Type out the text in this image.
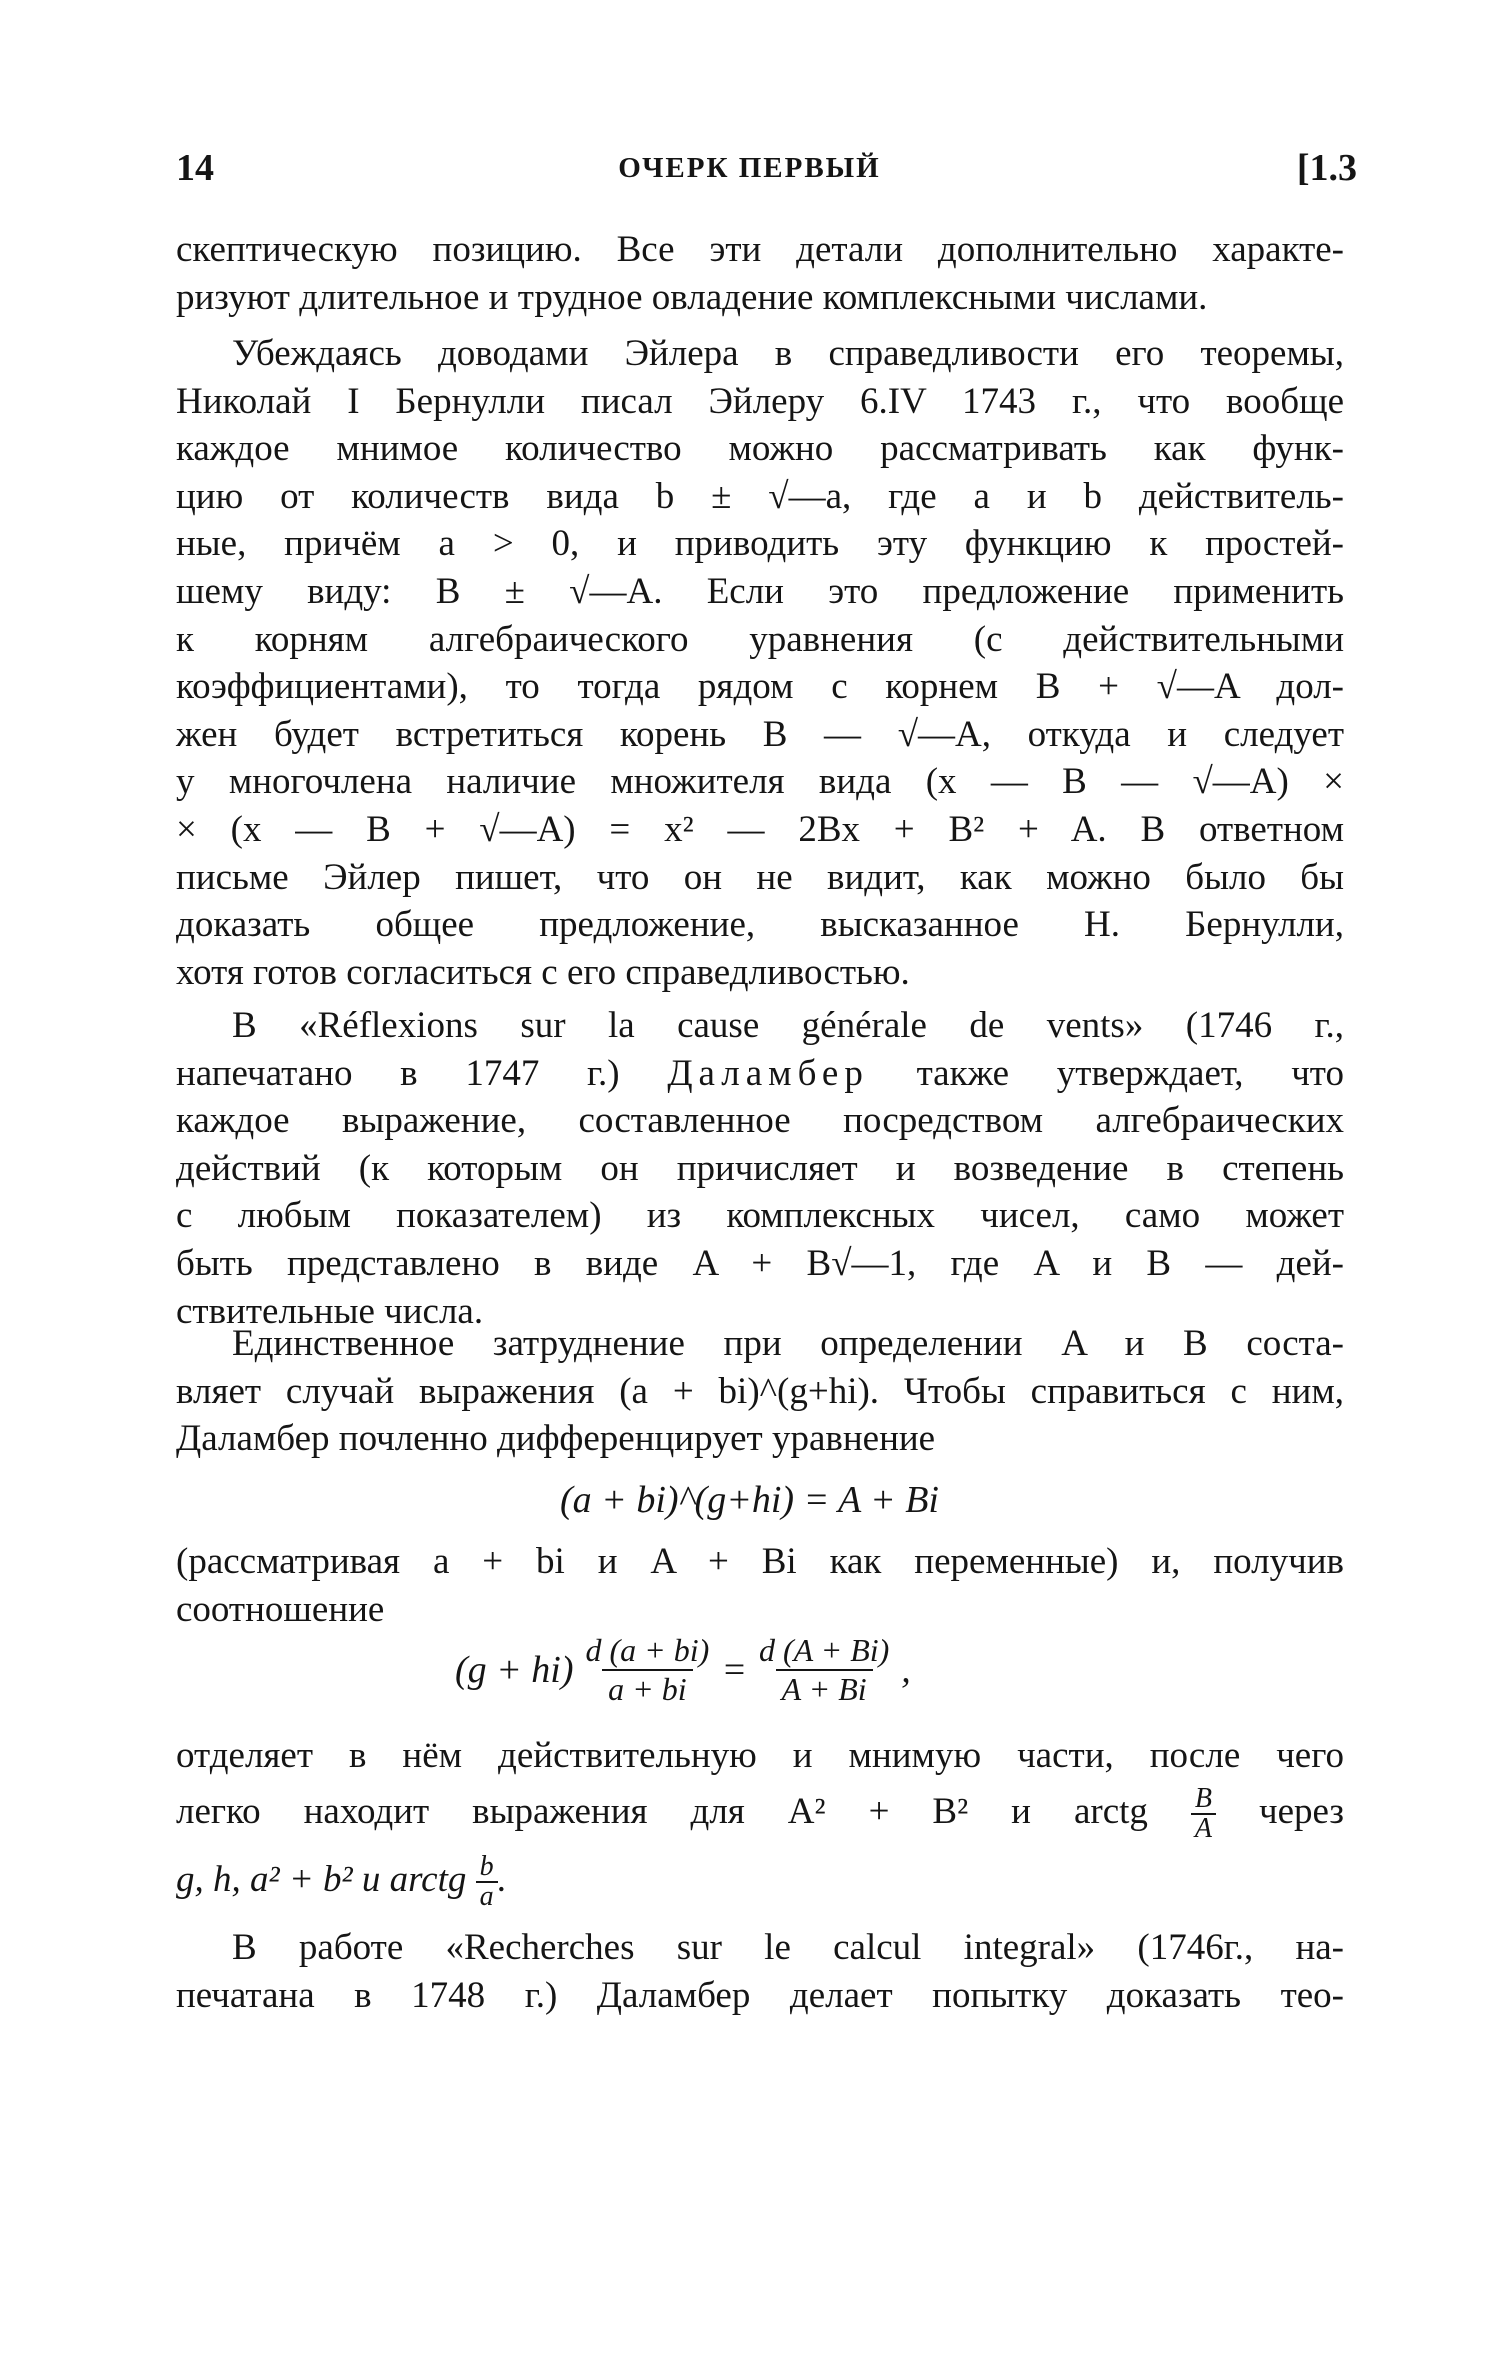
14	ОЧЕРК ПЕРВЫЙ	[1.3
скептическую позицию. Все эти детали дополнительно характе-
ризуют длительное и трудное овладение комплексными числами.
Убеждаясь доводами Эйлера в справедливости его теоремы,
Николай I Бернулли писал Эйлеру 6.IV 1743 г., что вообще
каждое мнимое количество можно рассматривать как функ-
цию от количеств вида b ± √—a, где a и b действитель-
ные, причём a > 0, и приводить эту функцию к простей-
шему виду: B ± √—A. Если это предложение применить
к корням алгебраического уравнения (с действительными
коэффициентами), то тогда рядом с корнем B + √—A дол-
жен будет встретиться корень B — √—A, откуда и следует
у многочлена наличие множителя вида (x — B — √—A) ×
× (x — B + √—A) = x² — 2Bx + B² + A. В ответном
письме Эйлер пишет, что он не видит, как можно было бы
доказать общее предложение, высказанное Н. Бернулли,
хотя готов согласиться с его справедливостью.
В «Réflexions sur la cause générale de vents» (1746 г.,
напечатано в 1747 г.) Даламбер также утверждает, что
каждое выражение, составленное посредством алгебраических
действий (к которым он причисляет и возведение в степень
с любым показателем) из комплексных чисел, само может
быть представлено в виде A + B√—1, где A и B — дей-
ствительные числа.
Единственное затруднение при определении A и B соста-
вляет случай выражения (a + bi)^(g+hi). Чтобы справиться с ним,
Даламбер почленно дифференцирует уравнение
(a + bi)^(g+hi) = A + Bi
(рассматривая a + bi и A + Bi как переменные) и, получив
соотношение
$(g + hi) \frac{d (a + bi)}{a + bi} = \frac{d (A + Bi)}{A + Bi}$ ,
отделяет в нём действительную и мнимую части, после чего
легко находит выражения для A² + B² и arctg $\frac{B}{A}$ через
g, h, a² + b² и arctg $\frac{b}{a}$ .
В работе «Recherches sur le calcul integral» (1746г., на-
печатана в 1748 г.) Даламбер делает попытку доказать тео-
